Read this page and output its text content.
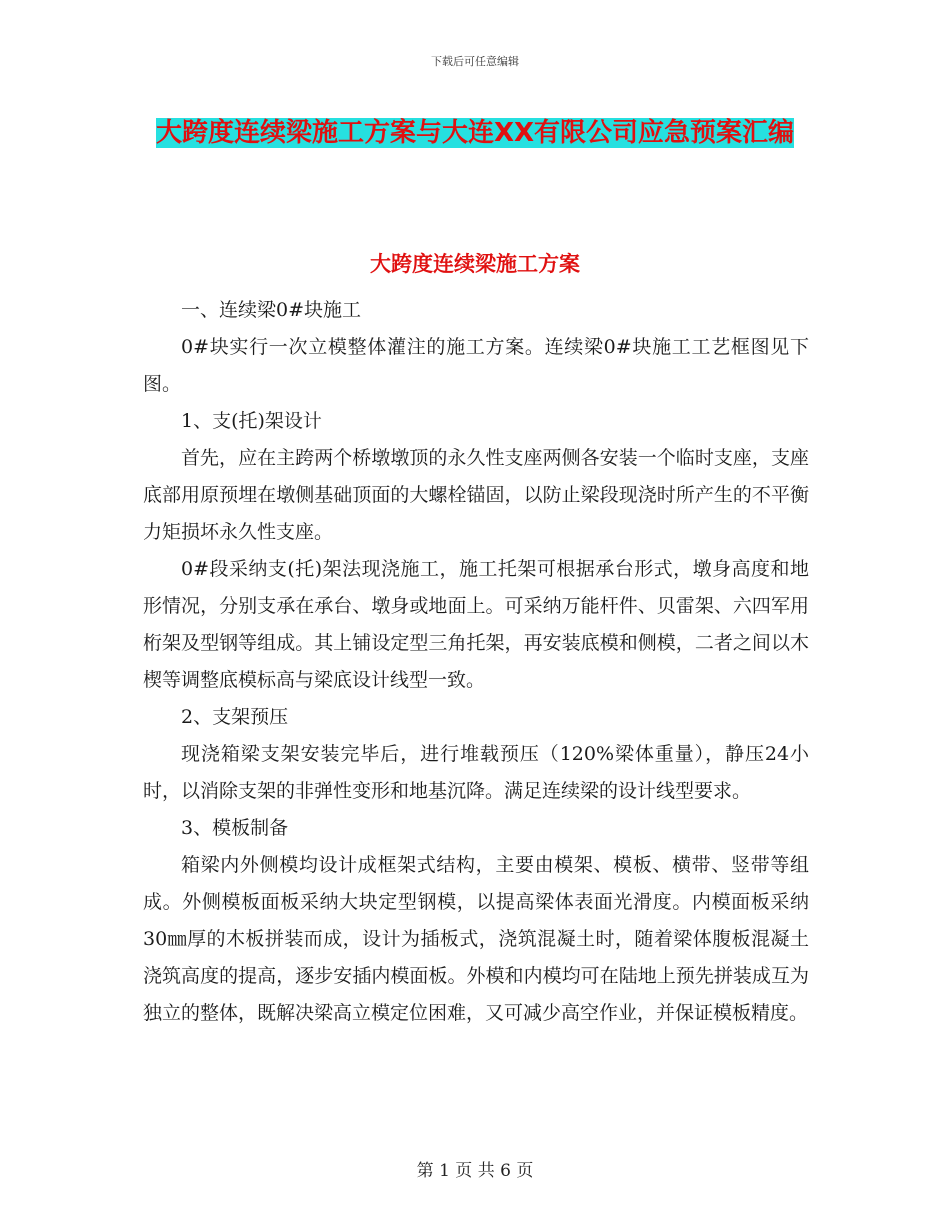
下载后可任意编辑
大跨度连续梁施工方案与大连XX有限公司应急预案汇编
大跨度连续梁施工方案

一、连续梁0#块施工

0#块实行一次立模整体灌注的施工方案。连续梁0#块施工工艺框图见下图。

1、支(托)架设计

首先，应在主跨两个桥墩墩顶的永久性支座两侧各安装一个临时支座，支座底部用原预埋在墩侧基础顶面的大螺栓锚固，以防止梁段现浇时所产生的不平衡力矩损坏永久性支座。

0#段采纳支(托)架法现浇施工，施工托架可根据承台形式，墩身高度和地形情况，分别支承在承台、墩身或地面上。可采纳万能杆件、贝雷架、六四军用桁架及型钢等组成。其上铺设定型三角托架，再安装底模和侧模，二者之间以木楔等调整底模标高与梁底设计线型一致。

2、支架预压

现浇箱梁支架安装完毕后，进行堆载预压（120%梁体重量），静压24小时，以消除支架的非弹性变形和地基沉降。满足连续梁的设计线型要求。

3、模板制备

箱梁内外侧模均设计成框架式结构，主要由模架、模板、横带、竖带等组成。外侧模板面板采纳大块定型钢模，以提高梁体表面光滑度。内模面板采纳30㎜厚的木板拼装而成，设计为插板式，浇筑混凝土时，随着梁体腹板混凝土浇筑高度的提高，逐步安插内模面板。外模和内模均可在陆地上预先拼装成互为独立的整体，既解决梁高立模定位困难，又可减少高空作业，并保证模板精度。

第 1 页 共 6 页
